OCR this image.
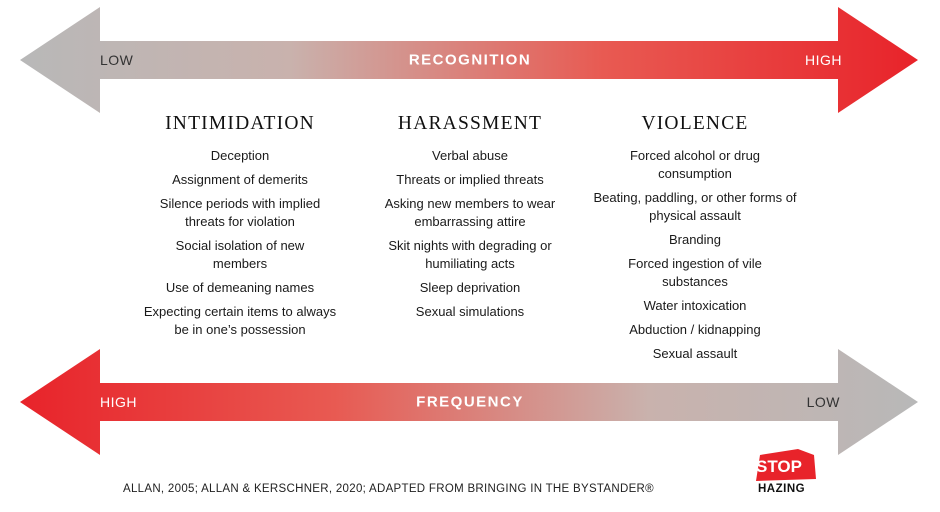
LOW	RECOGNITION	HIGH
INTIMIDATION
Deception
Assignment of demerits
Silence periods with implied threats for violation
Social isolation of new members
Use of demeaning names
Expecting certain items to always be in one’s possession
HARASSMENT
Verbal abuse
Threats or implied threats
Asking new members to wear embarrassing attire
Skit nights with degrading or humiliating acts
Sleep deprivation
Sexual simulations
VIOLENCE
Forced alcohol or drug consumption
Beating, paddling, or other forms of physical assault
Branding
Forced ingestion of vile substances
Water intoxication
Abduction / kidnapping
Sexual assault
HIGH	FREQUENCY	LOW
ALLAN, 2005; ALLAN & KERSCHNER, 2020; ADAPTED FROM BRINGING IN THE BYSTANDER®
STOP
HAZING
